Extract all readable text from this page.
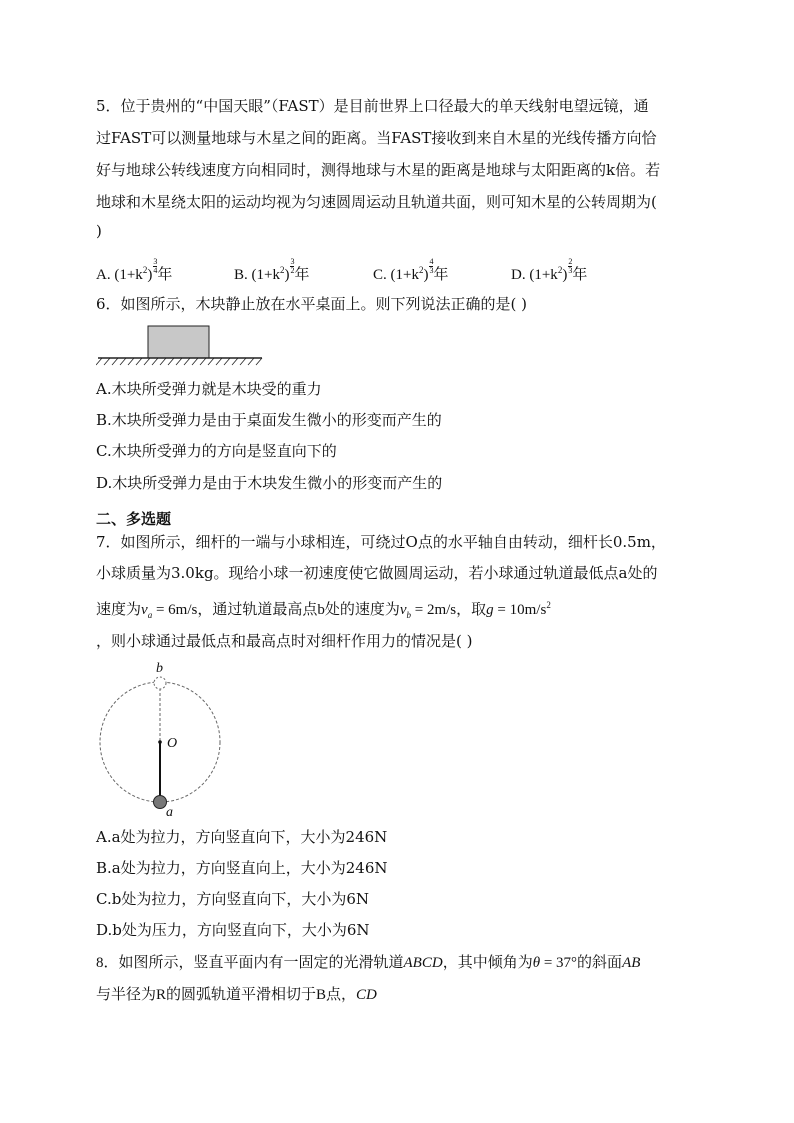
5．位于贵州的“中国天眼”（FAST）是目前世界上口径最大的单天线射电望远镜，通
过FAST可以测量地球与木星之间的距离。当FAST接收到来自木星的光线传播方向恰
好与地球公转线速度方向相同时，测得地球与木星的距离是地球与太阳距离的k倍。若
地球和木星绕太阳的运动均视为匀速圆周运动且轨道共面，则可知木星的公转周期为(
)
A. $(1+k^2) \frac{3}{4}$ 年	B. $(1+k^2) \frac{3}{2}$ 年	C. $(1+k^2) \frac{4}{3}$ 年	D. $(1+k^2) \frac{2}{3}$ 年
6．如图所示，木块静止放在水平桌面上。则下列说法正确的是( )
A.木块所受弹力就是木块受的重力
B.木块所受弹力是由于桌面发生微小的形变而产生的
C.木块所受弹力的方向是竖直向下的
D.木块所受弹力是由于木块发生微小的形变而产生的
二、多选题
7．如图所示，细杆的一端与小球相连，可绕过O点的水平轴自由转动，细杆长0.5m，
小球质量为3.0kg。现给小球一初速度使它做圆周运动，若小球通过轨道最低点a处的
速度为$v_a = 6m/s$，通过轨道最高点b处的速度为$v_b = 2m/s$，取$g = 10m/s^2$
，则小球通过最低点和最高点时对细杆作用力的情况是( )
b
O
a
A.a处为拉力，方向竖直向下，大小为246N
B.a处为拉力，方向竖直向上，大小为246N
C.b处为拉力，方向竖直向下，大小为6N
D.b处为压力，方向竖直向下，大小为6N
8．如图所示，竖直平面内有一固定的光滑轨道ABCD，其中倾角为θ = 37°的斜面AB
与半径为R的圆弧轨道平滑相切于B点，CD
